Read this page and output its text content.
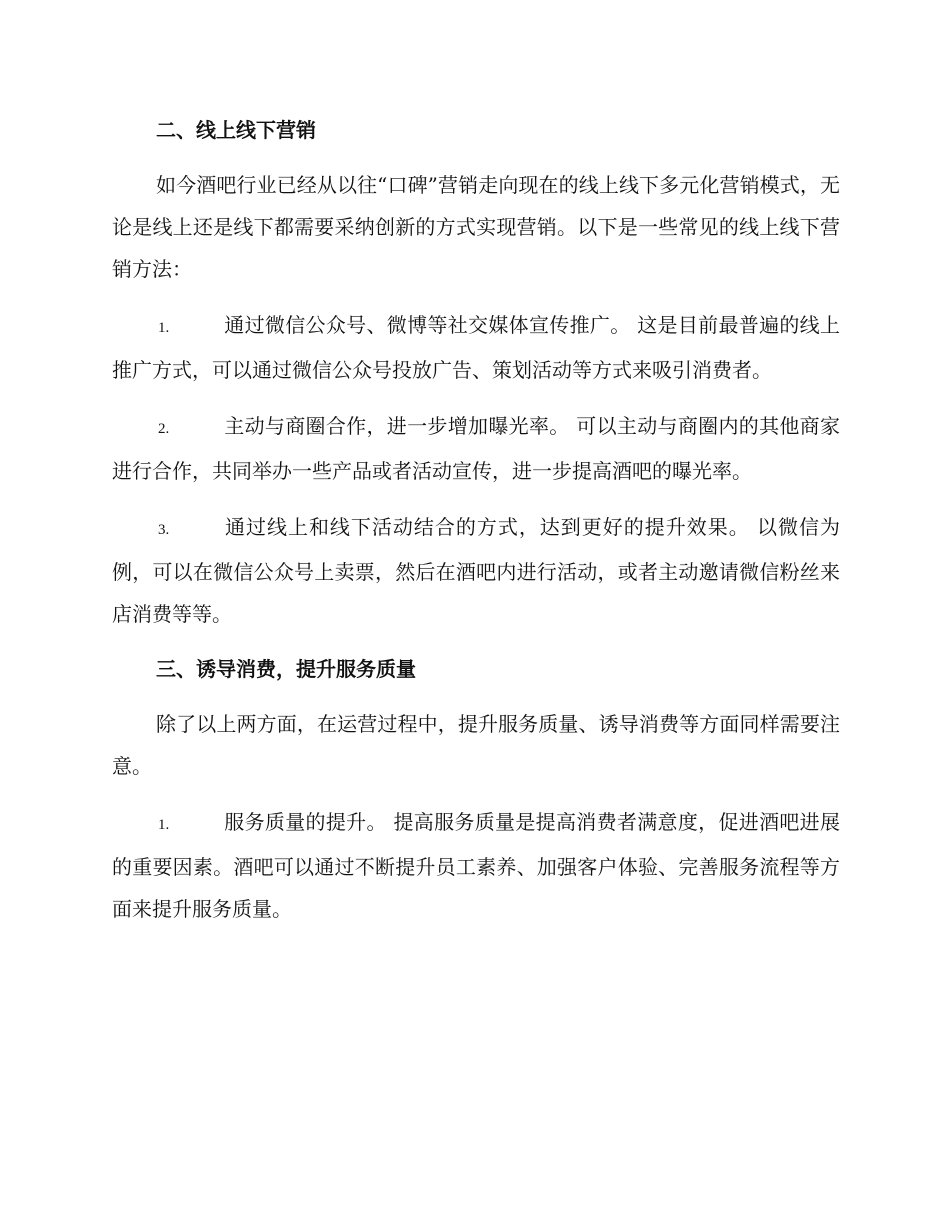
二、线上线下营销

如今酒吧行业已经从以往“口碑”营销走向现在的线上线下多元化营销模式，无论是线上还是线下都需要采纳创新的方式实现营销。以下是一些常见的线上线下营销方法：

1.	通过微信公众号、微博等社交媒体宣传推广。 这是目前最普遍的线上推广方式，可以通过微信公众号投放广告、策划活动等方式来吸引消费者。

2.	主动与商圈合作，进一步增加曝光率。 可以主动与商圈内的其他商家进行合作，共同举办一些产品或者活动宣传，进一步提高酒吧的曝光率。

3.	通过线上和线下活动结合的方式，达到更好的提升效果。 以微信为例，可以在微信公众号上卖票，然后在酒吧内进行活动，或者主动邀请微信粉丝来店消费等等。

三、诱导消费，提升服务质量

除了以上两方面，在运营过程中，提升服务质量、诱导消费等方面同样需要注意。

1.	服务质量的提升。 提高服务质量是提高消费者满意度，促进酒吧进展的重要因素。酒吧可以通过不断提升员工素养、加强客户体验、完善服务流程等方面来提升服务质量。
